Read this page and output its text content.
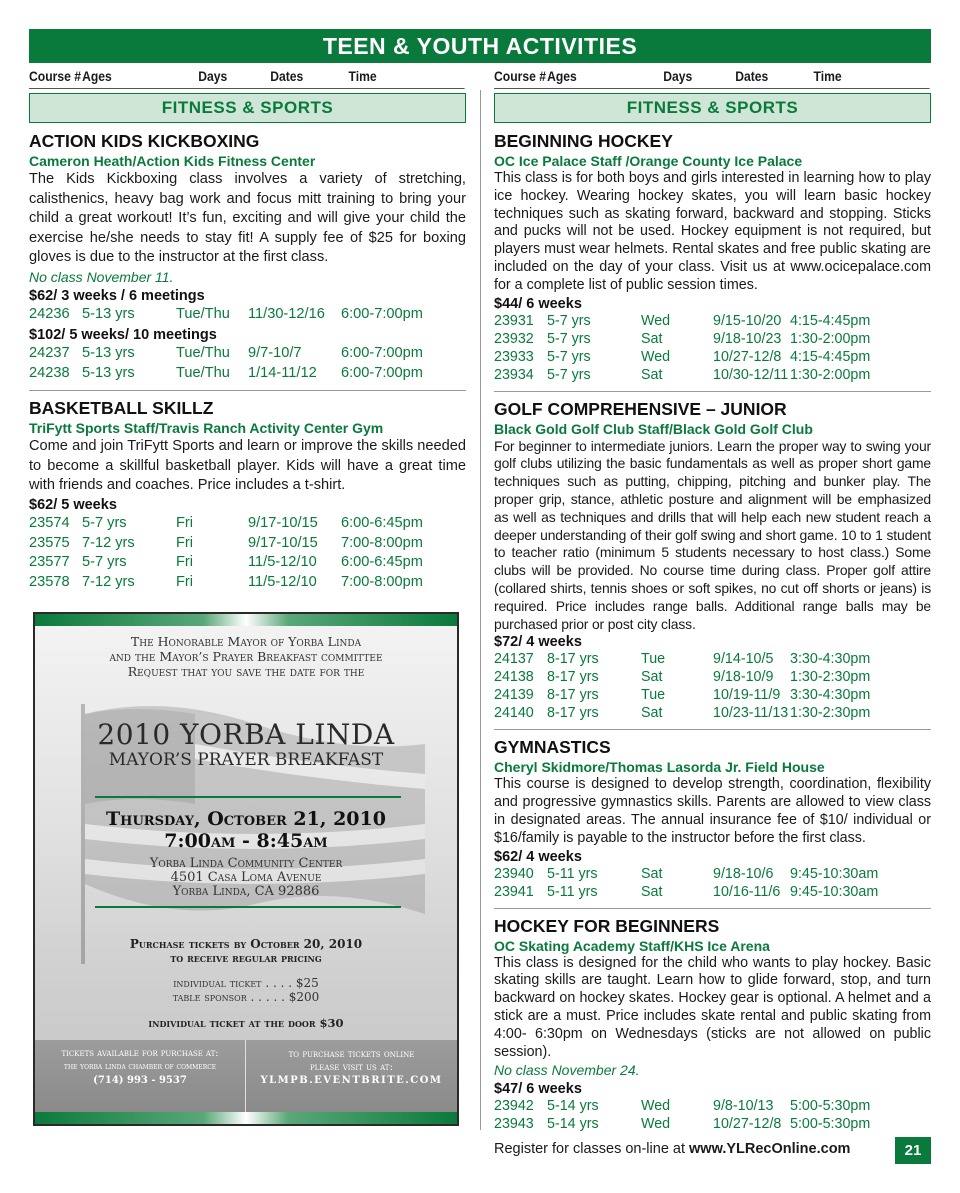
TEEN & YOUTH ACTIVITIES
Course # Ages	Days	Dates	Time	Course # Ages	Days	Dates	Time
FITNESS & SPORTS
ACTION KIDS KICKBOXING
Cameron Heath/Action Kids Fitness Center
The Kids Kickboxing class involves a variety of stretching, calisthenics, heavy bag work and focus mitt training to bring your child a great workout! It’s fun, exciting and will give your child the exercise he/she needs to stay fit! A supply fee of $25 for boxing gloves is due to the instructor at the first class.
No class November 11.
$62/ 3 weeks / 6 meetings
24236 5-13 yrs	Tue/Thu 11/30-12/16 6:00-7:00pm
$102/ 5 weeks/ 10 meetings
24237 5-13 yrs	Tue/Thu 9/7-10/7	6:00-7:00pm
24238 5-13 yrs	Tue/Thu 1/14-11/12 6:00-7:00pm
BASKETBALL SKILLZ
TriFytt Sports Staff/Travis Ranch Activity Center Gym
Come and join TriFytt Sports and learn or improve the skills needed to become a skillful basketball player. Kids will have a great time with friends and coaches. Price includes a t-shirt.
$62/ 5 weeks
23574 5-7 yrs	Fri	9/17-10/15 6:00-6:45pm
23575 7-12 yrs	Fri	9/17-10/15 7:00-8:00pm
23577 5-7 yrs	Fri	11/5-12/10 6:00-6:45pm
23578 7-12 yrs	Fri	11/5-12/10 7:00-8:00pm
FITNESS & SPORTS
BEGINNING HOCKEY
OC Ice Palace Staff /Orange County Ice Palace
This class is for both boys and girls interested in learning how to play ice hockey. Wearing hockey skates, you will learn basic hockey techniques such as skating forward, backward and stopping. Sticks and pucks will not be used. Hockey equipment is not required, but players must wear helmets. Rental skates and free public skating are included on the day of your class. Visit us at www.ocicepalace.com for a complete list of public session times.
$44/ 6 weeks
23931 5-7 yrs	Wed	9/15-10/20 4:15-4:45pm
23932 5-7 yrs	Sat	9/18-10/23 1:30-2:00pm
23933 5-7 yrs	Wed	10/27-12/8 4:15-4:45pm
23934 5-7 yrs	Sat	10/30-12/11 1:30-2:00pm
GOLF COMPREHENSIVE – JUNIOR
Black Gold Golf Club Staff/Black Gold Golf Club
For beginner to intermediate juniors. Learn the proper way to swing your golf clubs utilizing the basic fundamentals as well as proper short game techniques such as putting, chipping, pitching and bunker play. The proper grip, stance, athletic posture and alignment will be emphasized as well as techniques and drills that will help each new student reach a deeper understanding of their golf swing and short game. 10 to 1 student to teacher ratio (minimum 5 students necessary to host class.) Some clubs will be provided. No course time during class. Proper golf attire (collared shirts, tennis shoes or soft spikes, no cut off shorts or jeans) is required. Price includes range balls. Additional range balls may be purchased prior or post city class.
$72/ 4 weeks
24137 8-17 yrs	Tue	9/14-10/5 3:30-4:30pm
24138 8-17 yrs	Sat	9/18-10/9 1:30-2:30pm
24139 8-17 yrs	Tue	10/19-11/9 3:30-4:30pm
24140 8-17 yrs	Sat	10/23-11/13 1:30-2:30pm
GYMNASTICS
Cheryl Skidmore/Thomas Lasorda Jr. Field House
This course is designed to develop strength, coordination, flexibility and progressive gymnastics skills. Parents are allowed to view class in designated areas. The annual insurance fee of $10/ individual or $16/family is payable to the instructor before the first class.
$62/ 4 weeks
23940 5-11 yrs	Sat	9/18-10/6 9:45-10:30am
23941 5-11 yrs	Sat	10/16-11/6 9:45-10:30am
HOCKEY FOR BEGINNERS
OC Skating Academy Staff/KHS Ice Arena
This class is designed for the child who wants to play hockey. Basic skating skills are taught. Learn how to glide forward, stop, and turn backward on hockey skates. Hockey gear is optional. A helmet and a stick are a must. Price includes skate rental and public skating from 4:00- 6:30pm on Wednesdays (sticks are not allowed on public session).
No class November 24.
$47/ 6 weeks
23942 5-14 yrs	Wed	9/8-10/13 5:00-5:30pm
23943 5-14 yrs	Wed	10/27-12/8 5:00-5:30pm
The Honorable Mayor of Yorba Linda
and the Mayor’s Prayer Breakfast committee
Request that you save the date for the
2010 YORBA LINDA
MAYOR’S PRAYER BREAKFAST
Thursday, October 21, 2010
7:00am - 8:45am
Yorba Linda Community Center
4501 Casa Loma Avenue
Yorba Linda, CA 92886
Purchase tickets by October 20, 2010
to receive regular pricing
individual ticket . . . . $25
table sponsor . . . . . $200
individual ticket at the door $30
tickets available for purchase at:
the yorba linda chamber of commerce
(714) 993 - 9537
to purchase tickets online
please visit us at:
YLMPB.EVENTBRITE.COM
Register for classes on-line at www.YLRecOnline.com	21
